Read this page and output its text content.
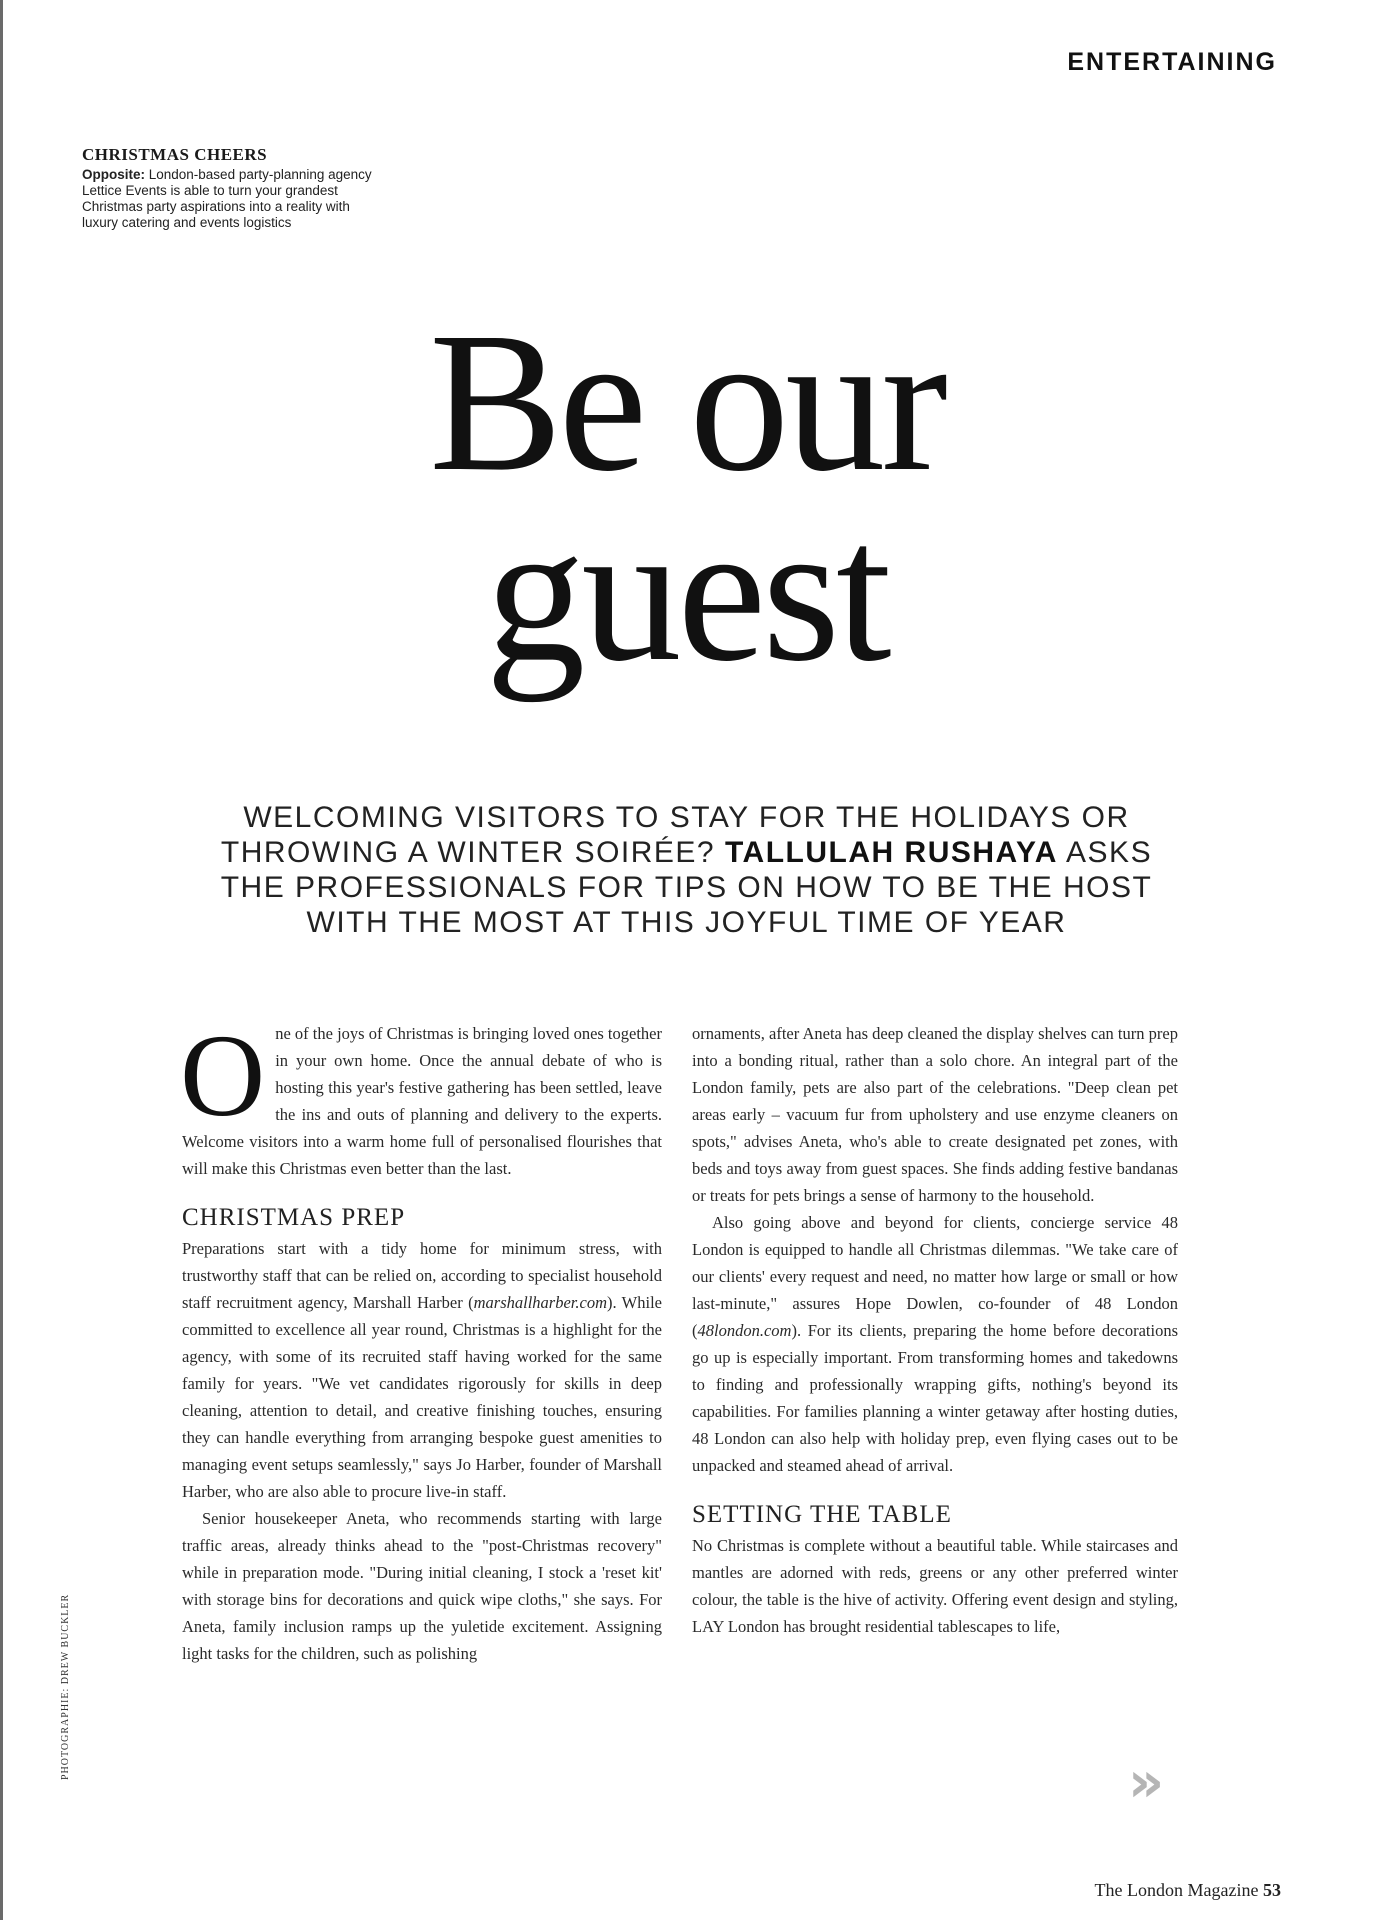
ENTERTAINING
CHRISTMAS CHEERS
Opposite: London-based party-planning agency Lettice Events is able to turn your grandest Christmas party aspirations into a reality with luxury catering and events logistics
Be our
guest
WELCOMING VISITORS TO STAY FOR THE HOLIDAYS OR THROWING A WINTER SOIRÉE? TALLULAH RUSHAYA ASKS THE PROFESSIONALS FOR TIPS ON HOW TO BE THE HOST WITH THE MOST AT THIS JOYFUL TIME OF YEAR

One of the joys of Christmas is bringing loved ones together in your own home. Once the annual debate of who is hosting this year's festive gathering has been settled, leave the ins and outs of planning and delivery to the experts. Welcome visitors into a warm home full of personalised flourishes that will make this Christmas even better than the last.

CHRISTMAS PREP

Preparations start with a tidy home for minimum stress, with trustworthy staff that can be relied on, according to specialist household staff recruitment agency, Marshall Harber (marshallharber.com). While committed to excellence all year round, Christmas is a highlight for the agency, with some of its recruited staff having worked for the same family for years. "We vet candidates rigorously for skills in deep cleaning, attention to detail, and creative finishing touches, ensuring they can handle everything from arranging bespoke guest amenities to managing event setups seamlessly," says Jo Harber, founder of Marshall Harber, who are also able to procure live-in staff.

Senior housekeeper Aneta, who recommends starting with large traffic areas, already thinks ahead to the "post-Christmas recovery" while in preparation mode. "During initial cleaning, I stock a 'reset kit' with storage bins for decorations and quick wipe cloths," she says. For Aneta, family inclusion ramps up the yuletide excitement. Assigning light tasks for the children, such as polishing

ornaments, after Aneta has deep cleaned the display shelves can turn prep into a bonding ritual, rather than a solo chore. An integral part of the London family, pets are also part of the celebrations. "Deep clean pet areas early – vacuum fur from upholstery and use enzyme cleaners on spots," advises Aneta, who's able to create designated pet zones, with beds and toys away from guest spaces. She finds adding festive bandanas or treats for pets brings a sense of harmony to the household.

Also going above and beyond for clients, concierge service 48 London is equipped to handle all Christmas dilemmas. "We take care of our clients' every request and need, no matter how large or small or how last-minute," assures Hope Dowlen, co-founder of 48 London (48london.com). For its clients, preparing the home before decorations go up is especially important. From transforming homes and takedowns to finding and professionally wrapping gifts, nothing's beyond its capabilities. For families planning a winter getaway after hosting duties, 48 London can also help with holiday prep, even flying cases out to be unpacked and steamed ahead of arrival.

SETTING THE TABLE

No Christmas is complete without a beautiful table. While staircases and mantles are adorned with reds, greens or any other preferred winter colour, the table is the hive of activity. Offering event design and styling, LAY London has brought residential tablescapes to life,

PHOTOGRAPHIE: DREW BUCKLER
»
The London Magazine 53
